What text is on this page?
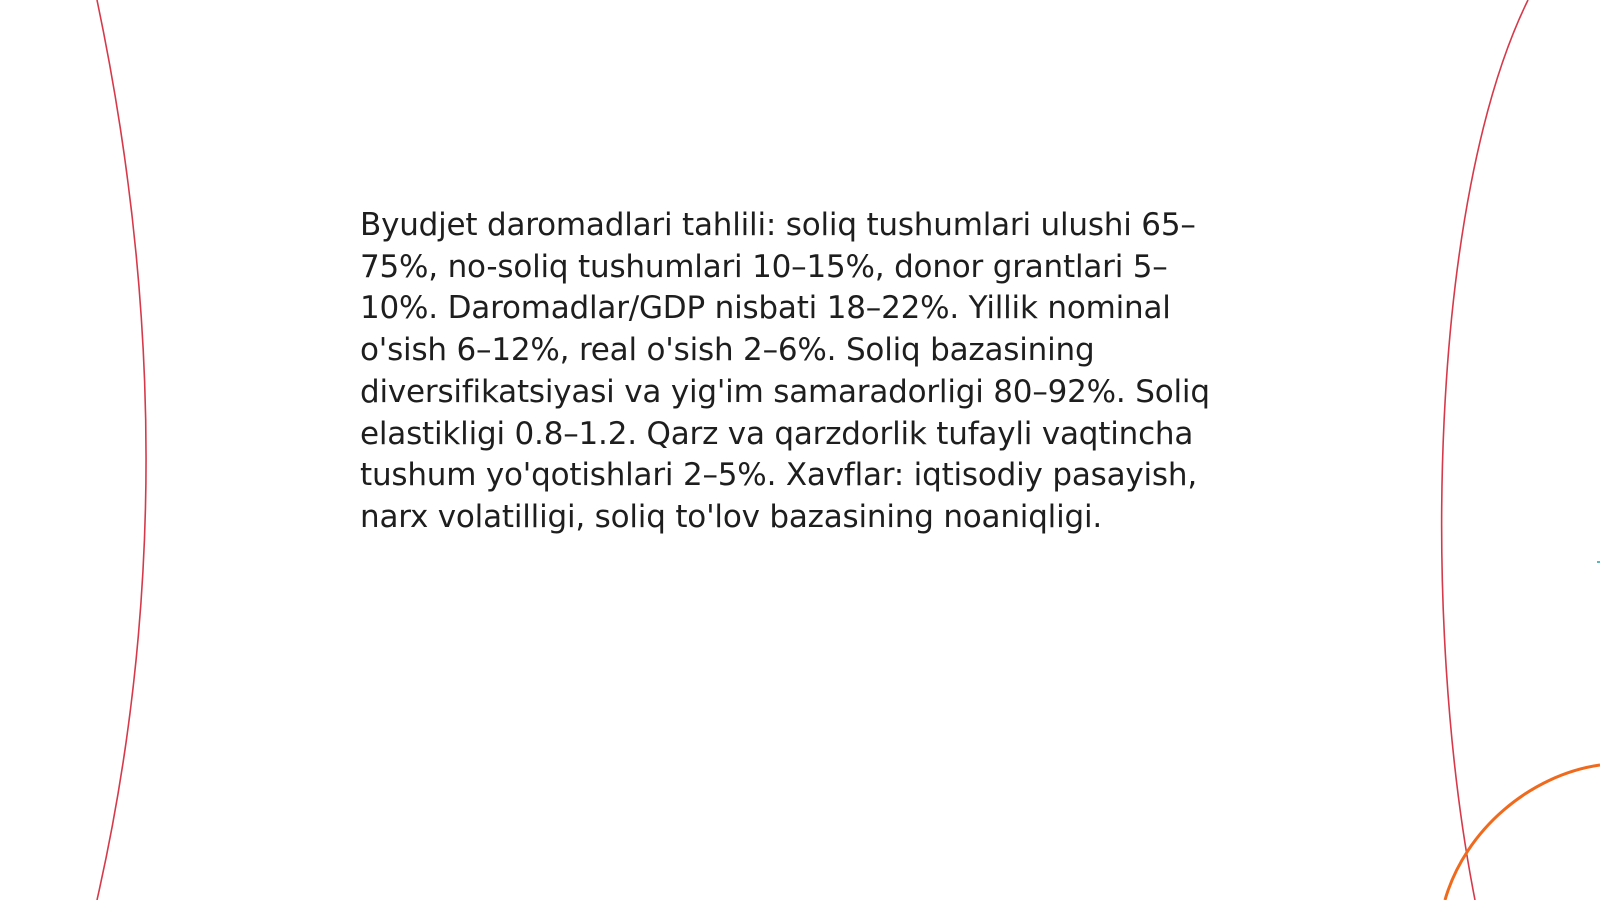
Byudjet daromadlari tahlili: soliq tushumlari ulushi 65–75%, no-soliq tushumlari 10–15%, donor grantlari 5–10%. Daromadlar/GDP nisbati 18–22%. Yillik nominal o'sish 6–12%, real o'sish 2–6%. Soliq bazasining diversifikatsiyasi va yig'im samaradorligi 80–92%. Soliq elastikligi 0.8–1.2. Qarz va qarzdorlik tufayli vaqtincha tushum yo'qotishlari 2–5%. Xavflar: iqtisodiy pasayish, narx volatilligi, soliq to'lov bazasining noaniqligi.
